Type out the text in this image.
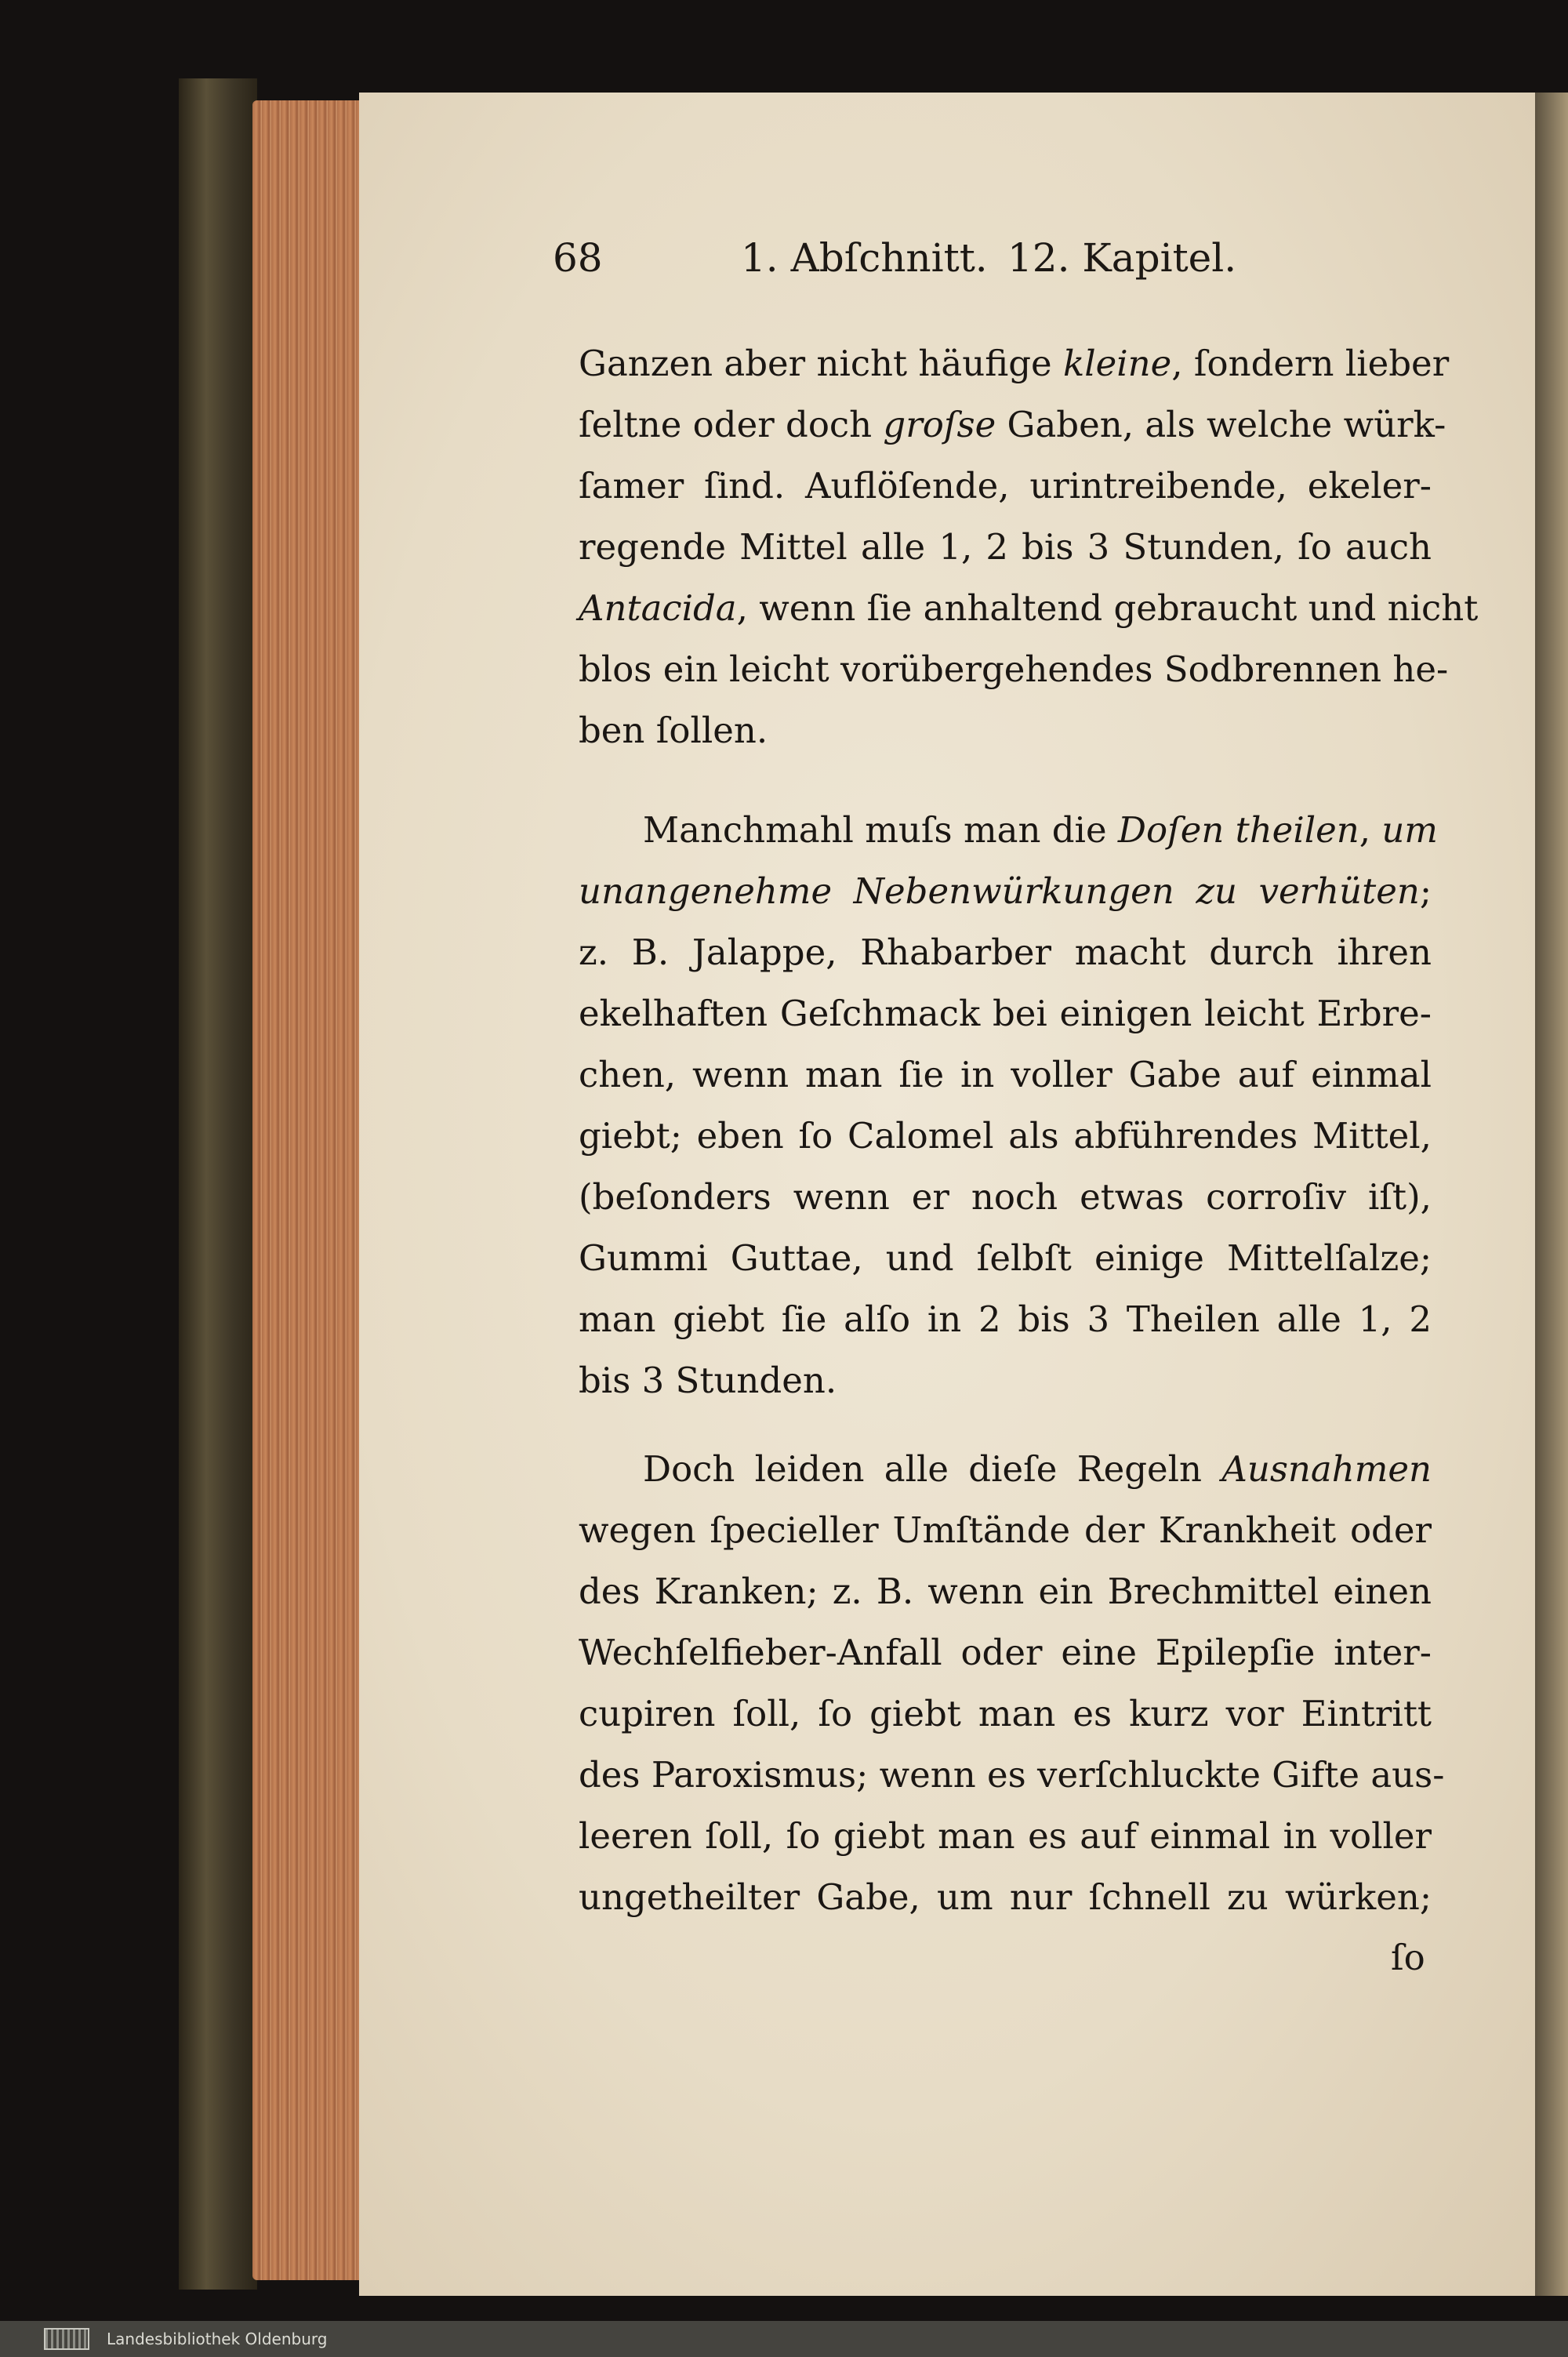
68	1. Abſchnitt. 12. Kapitel.
Ganzen aber nicht häufige kleine, ſondern lieber
ſeltne oder doch groſse Gaben, als welche würk-
ſamer ſind. Auflöſende, urintreibende, ekeler-
regende Mittel alle 1, 2 bis 3 Stunden, ſo auch
Antacida, wenn ſie anhaltend gebraucht und nicht
blos ein leicht vorübergehendes Sodbrennen he-
ben ſollen.
Manchmahl muſs man die Doſen theilen, um
unangenehme Nebenwürkungen zu verhüten;
z. B. Jalappe, Rhabarber macht durch ihren
ekelhaften Geſchmack bei einigen leicht Erbre-
chen, wenn man ſie in voller Gabe auf einmal
giebt; eben ſo Calomel als abführendes Mittel,
(beſonders wenn er noch etwas corroſiv iſt),
Gummi Guttae, und ſelbſt einige Mittelſalze;
man giebt ſie alſo in 2 bis 3 Theilen alle 1, 2
bis 3 Stunden.
Doch leiden alle dieſe Regeln Ausnahmen
wegen ſpecieller Umſtände der Krankheit oder
des Kranken; z. B. wenn ein Brechmittel einen
Wechſelfieber-Anfall oder eine Epilepſie inter-
cupiren ſoll, ſo giebt man es kurz vor Eintritt
des Paroxismus; wenn es verſchluckte Gifte aus-
leeren ſoll, ſo giebt man es auf einmal in voller
ungetheilter Gabe, um nur ſchnell zu würken;
ſo
Landesbibliothek Oldenburg
